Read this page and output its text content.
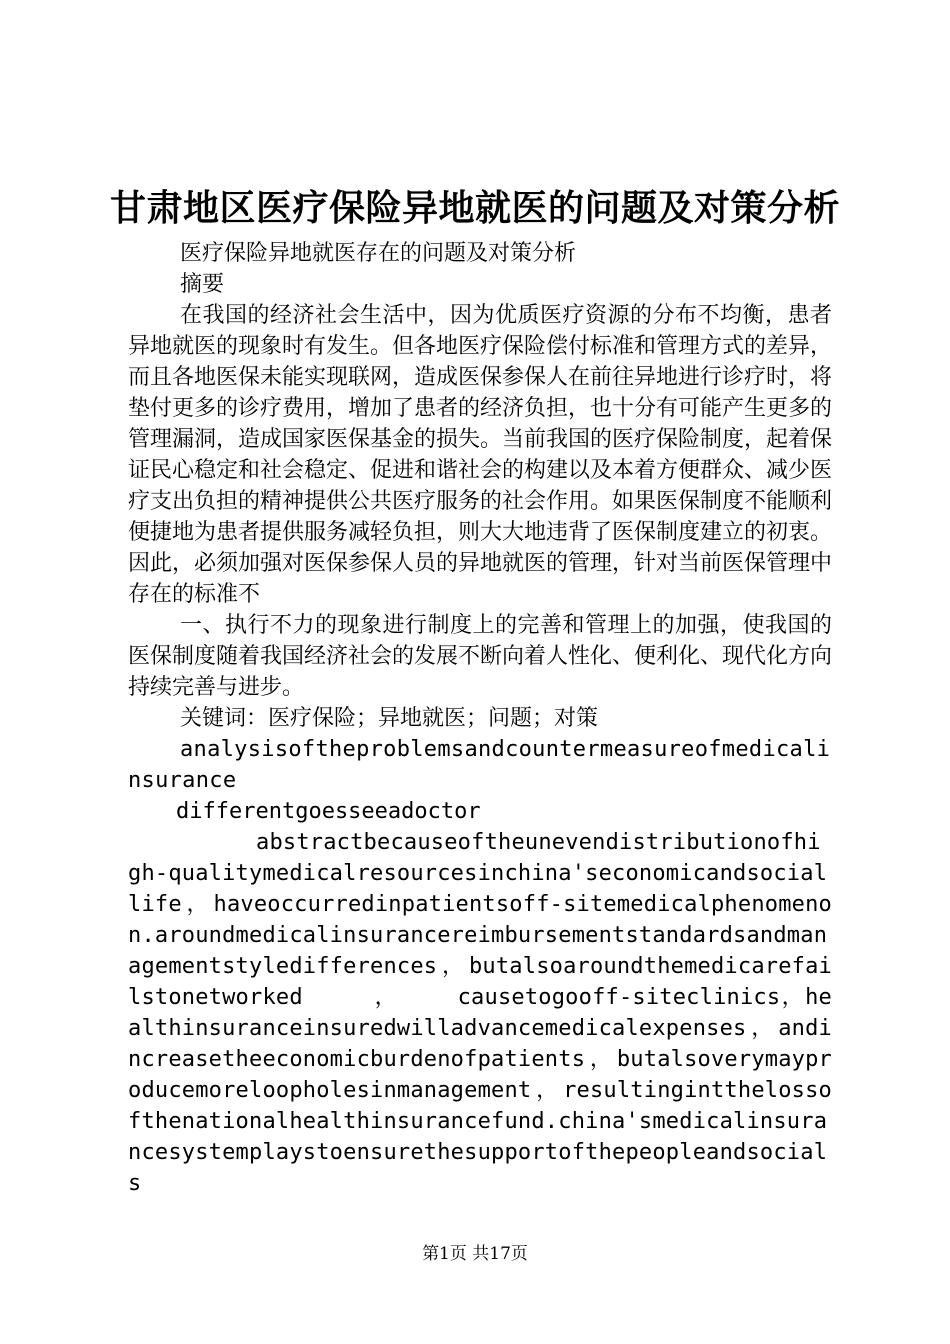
甘肃地区医疗保险异地就医的问题及对策分析

医疗保险异地就医存在的问题及对策分析

摘要

在我国的经济社会生活中，因为优质医疗资源的分布不均衡，患者异地就医的现象时有发生。但各地医疗保险偿付标准和管理方式的差异，而且各地医保未能实现联网，造成医保参保人在前往异地进行诊疗时，将垫付更多的诊疗费用，增加了患者的经济负担，也十分有可能产生更多的管理漏洞，造成国家医保基金的损失。当前我国的医疗保险制度，起着保证民心稳定和社会稳定、促进和谐社会的构建以及本着方便群众、减少医疗支出负担的精神提供公共医疗服务的社会作用。如果医保制度不能顺利便捷地为患者提供服务减轻负担，则大大地违背了医保制度建立的初衷。因此，必须加强对医保参保人员的异地就医的管理，针对当前医保管理中存在的标准不

一、执行不力的现象进行制度上的完善和管理上的加强，使我国的医保制度随着我国经济社会的发展不断向着人性化、便利化、现代化方向持续完善与进步。

关键词：医疗保险；异地就医；问题；对策

analysisoftheproblemsandcountermeasureofmedicalinsurance

differentgoesseeadoctor

abstractbecauseoftheunevendistributionofhigh-qualitymedicalresourcesinchina'seconomicandsociallife，haveoccurredinpatientsoff-sitemedicalphenomenon.aroundmedicalinsurancereimbursementstandardsandmanagementstyledifferences，butalsoaroundthemedicarefailstonetworked　　　，　　　causetogooff-siteclinics，healthinsuranceinsuredwilladvancemedicalexpenses，andincreasetheeconomicburdenofpatients，butalsoverymayproducemoreloopholesinmanagement，resultingintthelossofthenationalhealthinsurancefund.china'smedicalinsurancesystemplaystoensurethesupportofthepeopleandsocials

第1页 共17页
